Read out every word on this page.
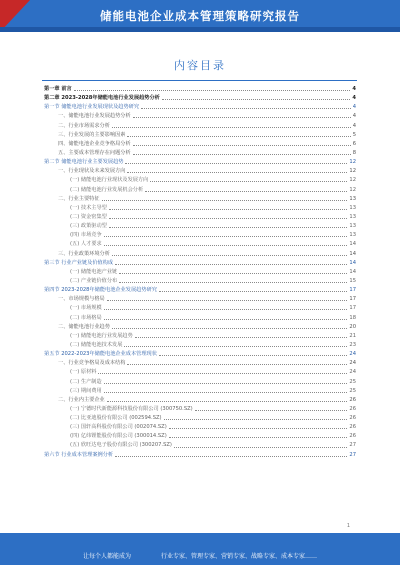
储能电池企业成本管理策略研究报告
内容目录
第一章 前言	4
第二章 2023-2028年储能电池行业发展趋势分析	4
第一节 储能电池行业发展现状及趋势研究	4
一、储能电池行业发展趋势分析	4
二、行业市场需求分析	4
三、行业发展的主要影响因素	5
四、储能电池企业竞争格局分析	6
五、主要成本管理存在问题分析	8
第二节 储能电池行业主要发展趋势	12
一、行业现状及未来发展方向	12
(一) 储能电池行业现状及发展方向	12
(二) 储能电池行业发展机会分析	12
二、行业主要特征	13
(一) 技术主导型	13
(二) 资金密集型	13
(三) 政策驱动型	13
(四) 市场竞争	13
(五) 人才要求	14
三、行业政策环境分析	14
第三节 行业产业链及价值构成	14
(一) 储能电池产业链	14
(二) 产业链价值分布	15
第四节 2023-2028年储能电池企业发展趋势研究	17
一、市场规模与格局	17
(一) 市场规模	17
(二) 市场格局	18
二、储能电池行业趋势	20
(一) 储能电池行业发展趋势	21
(二) 储能电池技术发展	23
第五节 2022-2023年储能电池企业成本管理现状	24
一、行业竞争格局及成本结构	24
(一) 原材料	24
(二) 生产制造	25
(三) 期间费用	25
二、行业内主要企业	26
(一) 宁德时代新能源科技股份有限公司 (300750.SZ)	26
(二) 比亚迪股份有限公司 (002594.SZ)	26
(三) 国轩高科股份有限公司 (002074.SZ)	26
(四) 亿纬锂能股份有限公司 (300014.SZ)	26
(五) 欣旺达电子股份有限公司 (300207.SZ)	27
第六节 行业成本管理案例分析	27
1
让每个人都能成为	行业专家、管理专家、营销专家、战略专家、成本专家……
